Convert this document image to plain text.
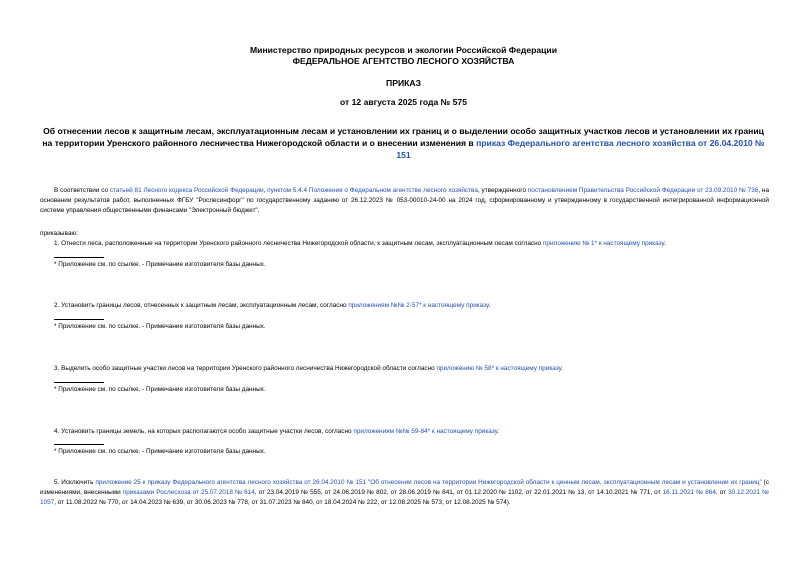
Министерство природных ресурсов и экологии Российской Федерации
ФЕДЕРАЛЬНОЕ АГЕНТСТВО ЛЕСНОГО ХОЗЯЙСТВА
ПРИКАЗ
от 12 августа 2025 года № 575
Об отнесении лесов к защитным лесам, эксплуатационным лесам и установлении их границ и о выделении особо защитных участков лесов и установлении их границ на территории Уренского районного лесничества Нижегородской области и о внесении изменения в приказ Федерального агентства лесного хозяйства от 26.04.2010 № 151
В соответствии со статьей 81 Лесного кодекса Российской Федерации, пунктом 5.4.4 Положения о Федеральном агентстве лесного хозяйства, утвержденного постановлением Правительства Российской Федерации от 23.09.2010 № 736, на основании результатов работ, выполненных ФГБУ "Рослесинфорг" по государственному заданию от 26.12.2023 № 053-00010-24-00 на 2024 год, сформированному и утвержденному в государственной интегрированной информационной системе управления общественными финансами "Электронный бюджет",
приказываю:
1. Отнести леса, расположенные на территории Уренского районного лесничества Нижегородской области, к защитным лесам, эксплуатационным лесам согласно приложению № 1* к настоящему приказу.
* Приложение см. по ссылке. - Примечание изготовителя базы данных.
2. Установить границы лесов, отнесенных к защитным лесам, эксплуатационным лесам, согласно приложениям №№ 2-57* к настоящему приказу.
* Приложение см. по ссылке. - Примечание изготовителя базы данных.
3. Выделить особо защитные участки лесов на территории Уренского районного лесничества Нижегородской области согласно приложению № 58* к настоящему приказу.
* Приложение см. по ссылке. - Примечание изготовителя базы данных.
4. Установить границы земель, на которых располагаются особо защитные участки лесов, согласно приложениям №№ 59-84* к настоящему приказу.
* Приложение см. по ссылке. - Примечание изготовителя базы данных.
5. Исключить приложение 25 к приказу Федерального агентства лесного хозяйства от 26.04.2010 № 151 "Об отнесении лесов на территории Нижегородской области к ценным лесам, эксплуатационным лесам и установлении их границ" (с изменениями, внесенными приказами Рослесхоза от 25.07.2018 № 614, от 23.04.2019 № 555, от 24.06.2019 № 802, от 28.06.2019 № 841, от 01.12.2020 № 1102, от 22.01.2021 № 13, от 14.10.2021 № 771, от 16.11.2021 № 864, от 30.12.2021 № 1057, от 11.08.2022 № 770, от 14.04.2023 № 639, от 30.06.2023 № 778, от 31.07.2023 № 840, от 18.04.2024 № 222, от 12.08.2025 № 573, от 12.08.2025 № 574).
